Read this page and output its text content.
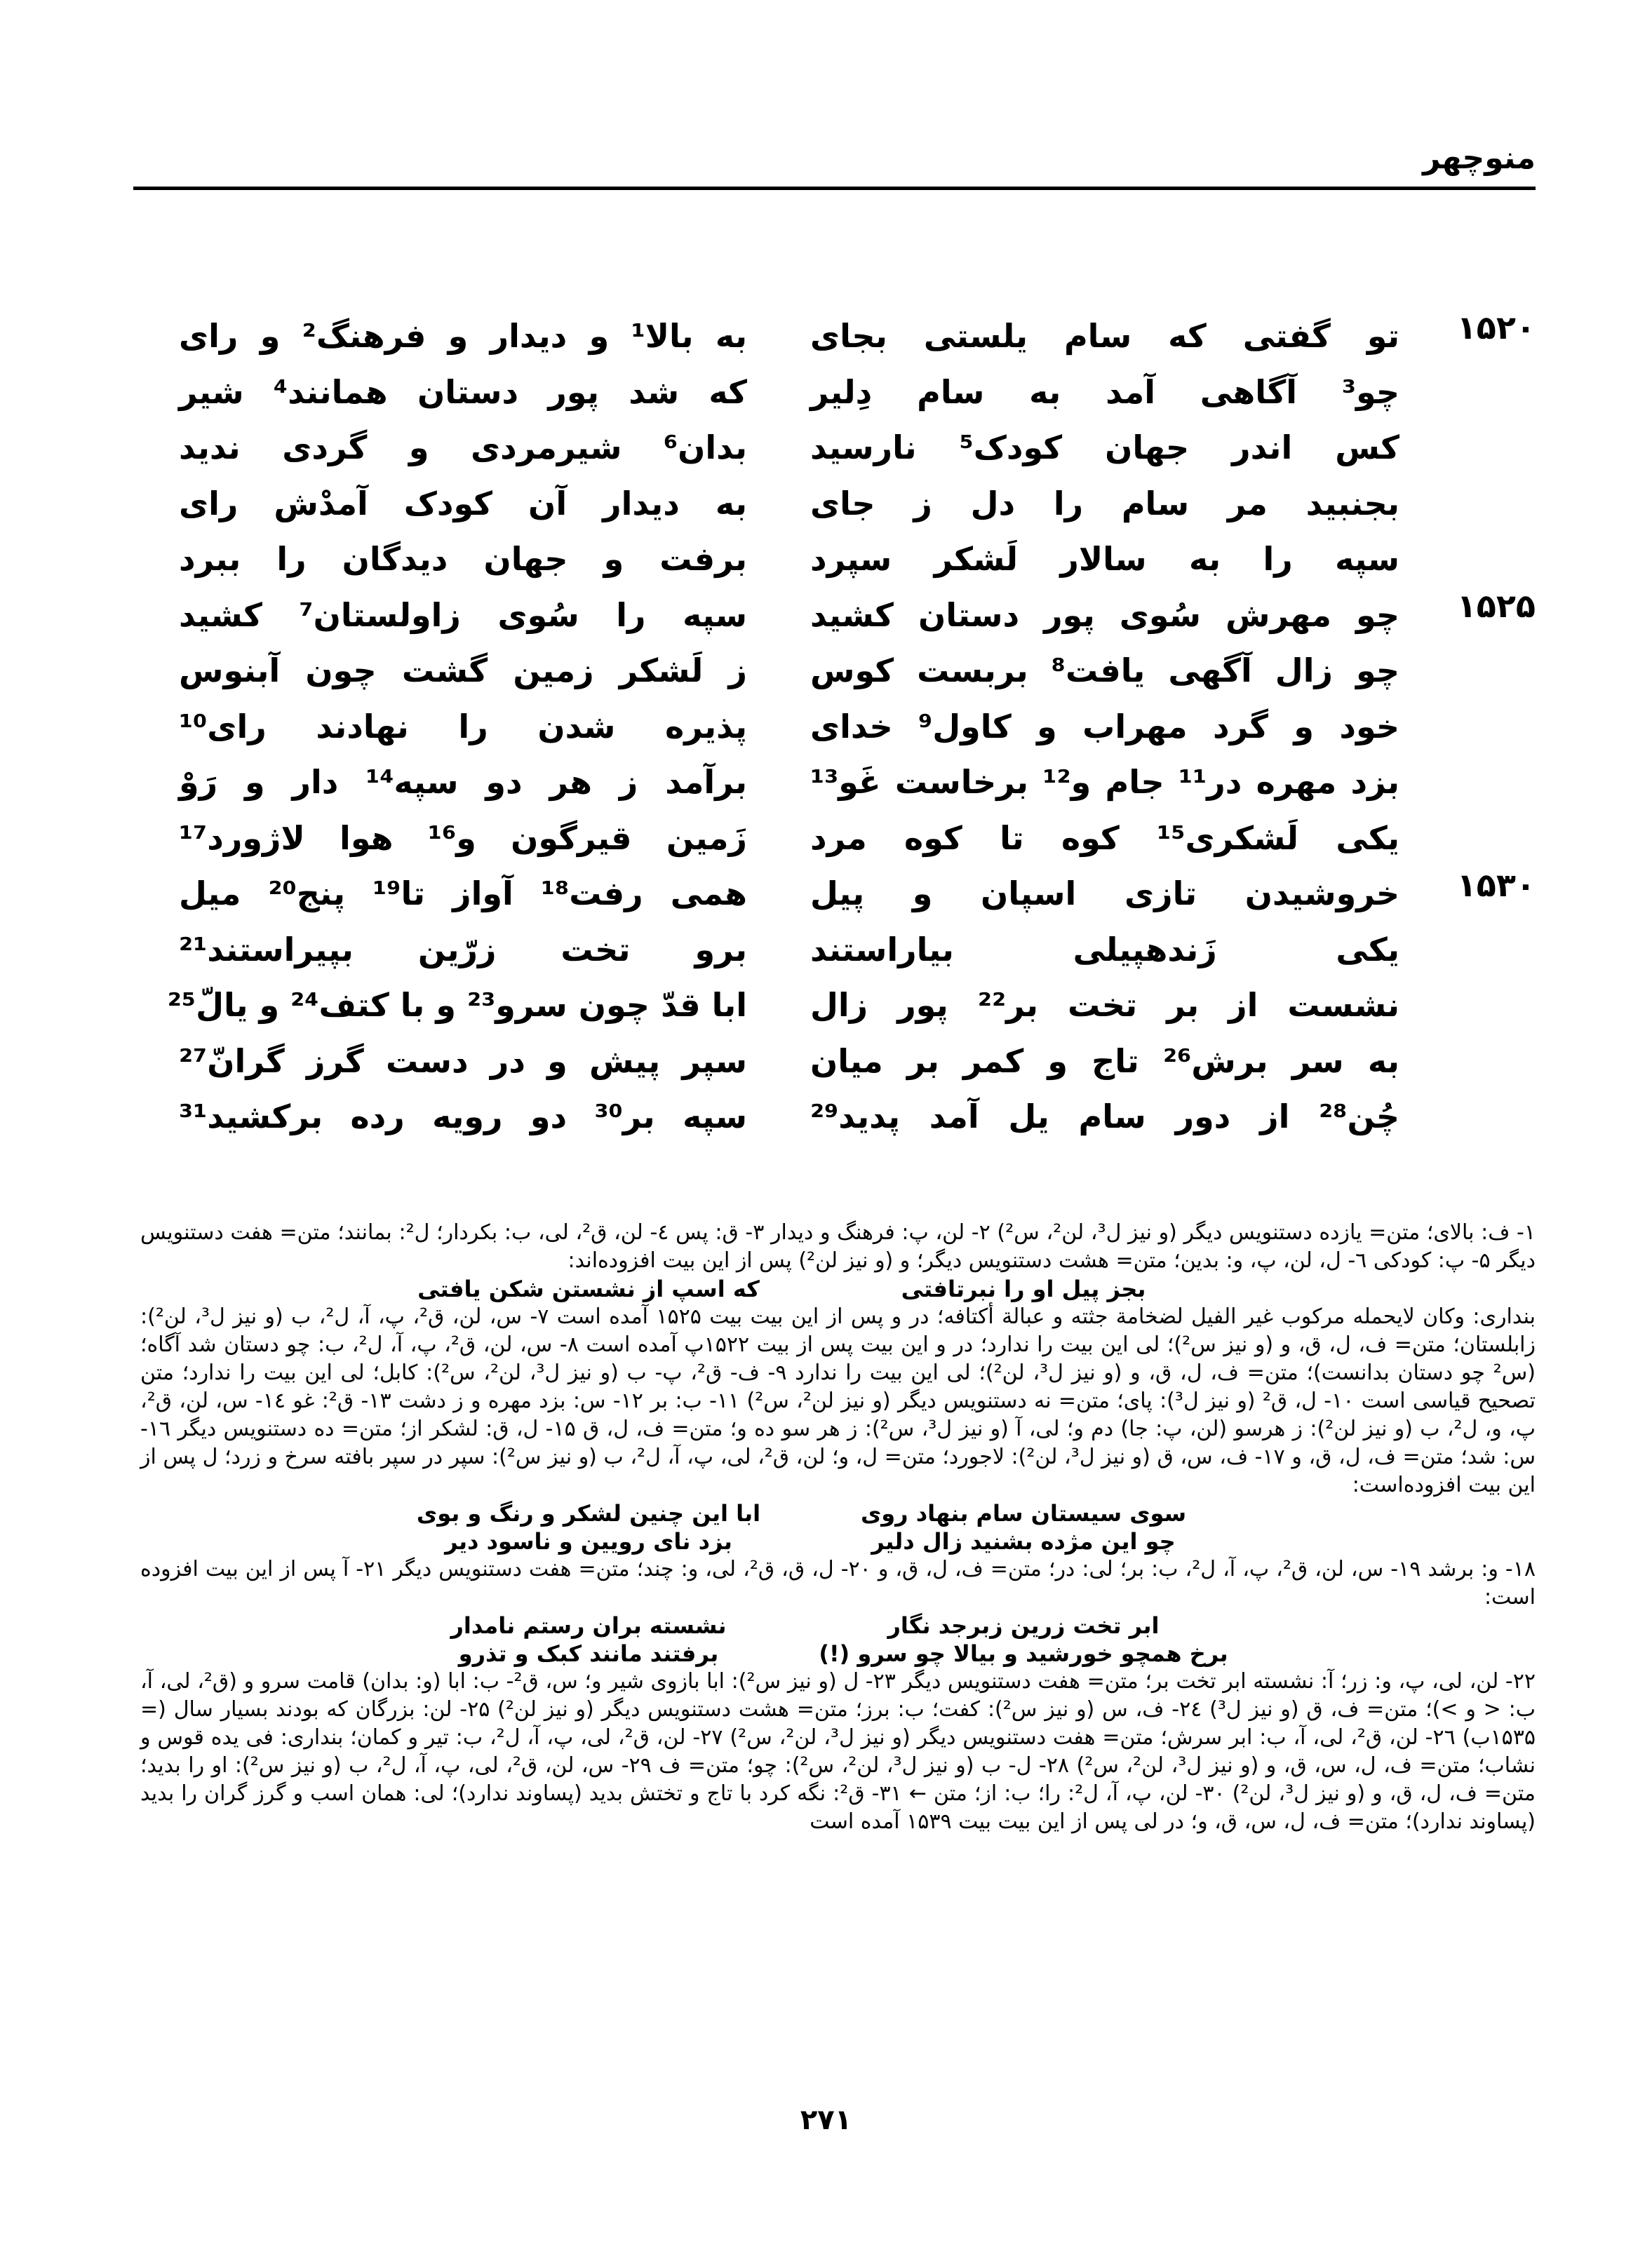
منوچهر
۱۵۲۰
۱۵۲۵
۱۵۳۰
تو گفتی که سام یلستی بجای
چو³ آگاهی آمد به سام دِلیر
کس اندر جهان کودک⁵ نارسید
بجنبید مر سام را دل ز جای
سپه را به سالار لَشکر سپرد
چو مهرش سُوی پور دستان کشید
چو زال آگهی یافت⁸ بربست کوس
خود و گرد مهراب و کاول⁹ خدای
بزد مهره در¹¹ جام و¹² برخاست غَو¹³
یکی لَشکری¹⁵ کوه تا کوه مرد
خروشیدن تازی اسپان و پیل
یکی زَندهپیلی بیاراستند
نشست از بر تخت بر²² پور زال
به سر برش²⁶ تاج و کمر بر میان
چُن²⁸ از دور سام یل آمد پدید²⁹
به بالا¹ و دیدار و فرهنگ² و رای
که شد پور دستان همانند⁴ شیر
بدان⁶ شیرمردی و گردی ندید
به دیدار آن کودک آمدْش رای
برفت و جهان دیدگان را ببرد
سپه را سُوی زاولستان⁷ کشید
ز لَشکر زمین گشت چون آبنوس
پذیره شدن را نهادند رای¹⁰
برآمد ز هر دو سپه¹⁴ دار و رَوْ
زَمین قیرگون و¹⁶ هوا لاژورد¹⁷
همی رفت¹⁸ آواز تا¹⁹ پنج²⁰ میل
برو تخت زرّین بپیراستند²¹
ابا قدّ چون سرو²³ و با کتف²⁴ و یالّ²⁵
سپر پیش و در دست گرز گرانّ²⁷
سپه بر³⁰ دو رویه رده برکشید³¹

۱- ف: بالای؛ متن= یازده دستنویس دیگر (و نیز ل³، لن²، س²) ۲- لن، پ: فرهنگ و دیدار ۳- ق: پس ٤- لن، ق²، لی، ب: بکردار؛ ل²: بمانند؛ متن= هفت دستنویس دیگر ۵- پ: کودکی ٦- ل، لن، پ، و: بدین؛ متن= هشت دستنویس دیگر؛ و (و نیز لن²) پس از این بیت افزوده‌اند:

بجز پیل او را نبرتافتی
که اسپ از نشستن شکن یافتی

بنداری: وکان لایحمله مرکوب غیر الفیل لضخامة جثته و عبالة أکتافه؛ در و پس از این بیت بیت ۱۵۲۵ آمده است ۷- س، لن، ق²، پ، آ، ل²، ب (و نیز ل³، لن²): زابلستان؛ متن= ف، ل، ق، و (و نیز س²)؛ لی این بیت را ندارد؛ در و این بیت پس از بیت ۱۵۲۲پ آمده است ۸- س، لن، ق²، پ، آ، ل²، ب: چو دستان شد آگاه؛ (س² چو دستان بدانست)؛ متن= ف، ل، ق، و (و نیز ل³، لن²)؛ لی این بیت را ندارد ۹- ف- ق²، پ- ب (و نیز ل³، لن²، س²): کابل؛ لی این بیت را ندارد؛ متن تصحیح قیاسی است ۱۰- ل، ق² (و نیز ل³): پای؛ متن= نه دستنویس دیگر (و نیز لن²، س²) ۱۱- ب: بر ۱۲- س: بزد مهره و ز دشت ۱۳- ق²: غو ١٤- س، لن، ق²، پ، و، ل²، ب (و نیز لن²): ز هرسو (لن، پ: جا) دم و؛ لی، آ (و نیز ل³، س²): ز هر سو ده و؛ متن= ف، ل، ق ۱۵- ل، ق: لشکر از؛ متن= ده دستنویس دیگر ۱٦- س: شد؛ متن= ف، ل، ق، و ۱۷- ف، س، ق (و نیز ل³، لن²): لاجورد؛ متن= ل، و؛ لن، ق²، لی، پ، آ، ل²، ب (و نیز س²): سپر در سپر بافته سرخ و زرد؛ ل پس از این بیت افزوده‌است:

سوی سیستان سام بنهاد روی
ابا این چنین لشکر و رنگ و بوی
چو این مژده بشنید زال دلیر
بزد نای رویین و ناسود دیر

۱۸- و: برشد ۱۹- س، لن، ق²، پ، آ، ل²، ب: بر؛ لی: در؛ متن= ف، ل، ق، و ۲۰- ل، ق، ق²، لی، و: چند؛ متن= هفت دستنویس دیگر ۲۱- آ پس از این بیت افزوده است:

ابر تخت زرین زبرجد نگار
نشسته بران رستم نامدار
برخ همچو خورشید و بیالا چو سرو (!)
برفتند مانند کبک و تذرو

۲۲- لن، لی، پ، و: زر؛ آ: نشسته ابر تخت بر؛ متن= هفت دستنویس دیگر ۲۳- ل (و نیز س²): ابا بازوی شیر و؛ س، ق²- ب: ابا (و: بدان) قامت سرو و (ق²، لی، آ، ب: < و >)؛ متن= ف، ق (و نیز ل³) ۲٤- ف، س (و نیز س²): کفت؛ ب: برز؛ متن= هشت دستنویس دیگر (و نیز لن²) ۲۵- لن: بزرگان که بودند بسیار سال (= ۱۵۳۵ب) ۲٦- لن، ق²، لی، آ، ب: ابر سرش؛ متن= هفت دستنویس دیگر (و نیز ل³، لن²، س²) ۲۷- لن، ق²، لی، پ، آ، ل²، ب: تیر و کمان؛ بنداری: فی یده قوس و نشاب؛ متن= ف، ل، س، ق، و (و نیز ل³، لن²، س²) ۲۸- ل- ب (و نیز ل³، لن²، س²): چو؛ متن= ف ۲۹- س، لن، ق²، لی، پ، آ، ل²، ب (و نیز س²): او را بدید؛ متن= ف، ل، ق، و (و نیز ل³، لن²) ۳۰- لن، پ، آ، ل²: را؛ ب: از؛ متن ← ۳۱- ق²: نگه کرد با تاج و تختش بدید (پساوند ندارد)؛ لی: همان اسب و گرز گران را بدید (پساوند ندارد)؛ متن= ف، ل، س، ق، و؛ در لی پس از این بیت بیت ۱۵۳۹ آمده است

۲۷۱
